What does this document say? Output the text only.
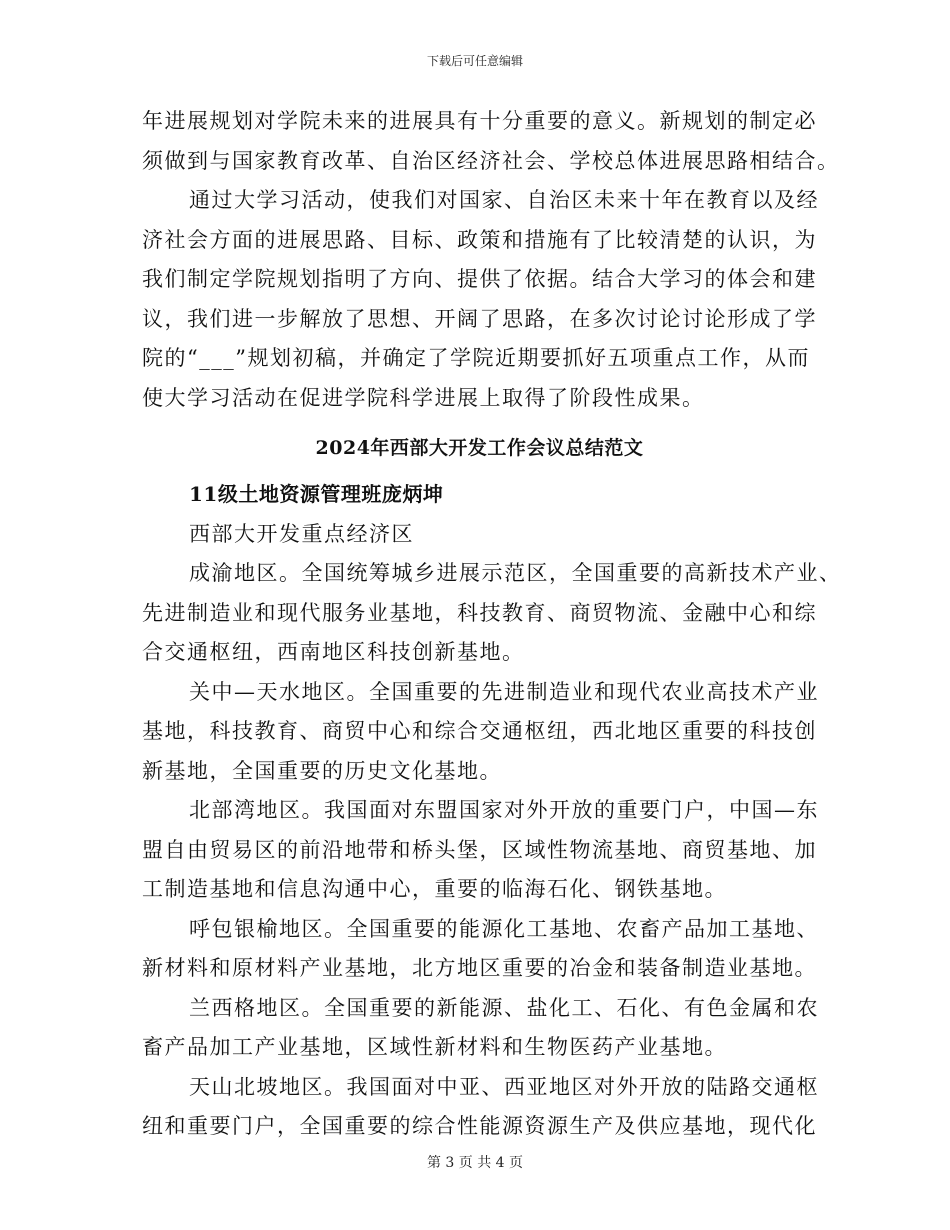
下载后可任意编辑
年进展规划对学院未来的进展具有十分重要的意义。新规划的制定必
须做到与国家教育改革、自治区经济社会、学校总体进展思路相结合。
通过大学习活动，使我们对国家、自治区未来十年在教育以及经
济社会方面的进展思路、目标、政策和措施有了比较清楚的认识，为
我们制定学院规划指明了方向、提供了依据。结合大学习的体会和建
议，我们进一步解放了思想、开阔了思路，在多次讨论讨论形成了学
院的“___”规划初稿，并确定了学院近期要抓好五项重点工作，从而
使大学习活动在促进学院科学进展上取得了阶段性成果。
2024年西部大开发工作会议总结范文
11级土地资源管理班庞炳坤
西部大开发重点经济区
成渝地区。全国统筹城乡进展示范区，全国重要的高新技术产业、
先进制造业和现代服务业基地，科技教育、商贸物流、金融中心和综
合交通枢纽，西南地区科技创新基地。
关中—天水地区。全国重要的先进制造业和现代农业高技术产业
基地，科技教育、商贸中心和综合交通枢纽，西北地区重要的科技创
新基地，全国重要的历史文化基地。
北部湾地区。我国面对东盟国家对外开放的重要门户，中国—东
盟自由贸易区的前沿地带和桥头堡，区域性物流基地、商贸基地、加
工制造基地和信息沟通中心，重要的临海石化、钢铁基地。
呼包银榆地区。全国重要的能源化工基地、农畜产品加工基地、
新材料和原材料产业基地，北方地区重要的冶金和装备制造业基地。
兰西格地区。全国重要的新能源、盐化工、石化、有色金属和农
畜产品加工产业基地，区域性新材料和生物医药产业基地。
天山北坡地区。我国面对中亚、西亚地区对外开放的陆路交通枢
纽和重要门户，全国重要的综合性能源资源生产及供应基地，现代化
第 3 页 共 4 页
